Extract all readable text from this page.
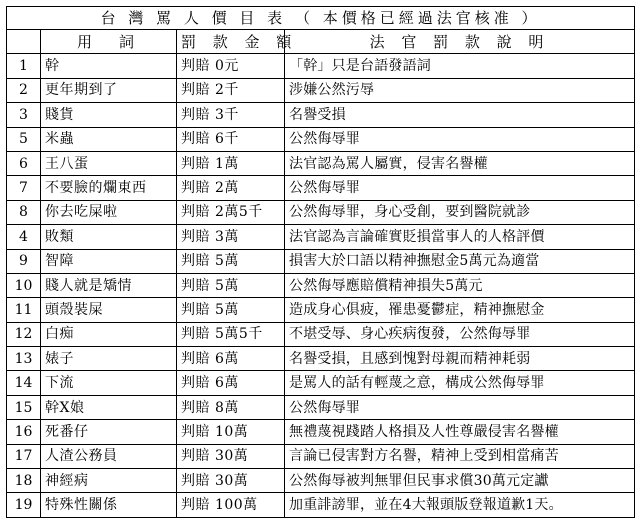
台 灣 罵 人 價 目 表 （ 本價格已經過法官核准 ）			
	用　詞	罰 款 金 額	法 官 罰 款 說 明
1	幹	判賠 0元	「幹」只是台語發語詞
2	更年期到了	判賠 2千	涉嫌公然污辱
3	賤貨	判賠 3千	名譽受損
5	米蟲	判賠 6千	公然侮辱罪
6	王八蛋	判賠 1萬	法官認為罵人屬實，侵害名譽權
7	不要臉的爛東西	判賠 2萬	公然侮辱罪
8	你去吃屎啦	判賠 2萬5千	公然侮辱罪，身心受創，要到醫院就診
4	敗類	判賠 3萬	法官認為言論確實貶損當事人的人格評價
9	智障	判賠 5萬	損害大於口語以精神撫慰金5萬元為適當
10	賤人就是矯情	判賠 5萬	公然侮辱應賠償精神損失5萬元
11	頭殼裝屎	判賠 5萬	造成身心俱疲，罹患憂鬱症，精神撫慰金
12	白痴	判賠 5萬5千	不堪受辱、身心疾病復發，公然侮辱罪
13	婊子	判賠 6萬	名譽受損，且感到愧對母親而精神耗弱
14	下流	判賠 6萬	是罵人的話有輕蔑之意，構成公然侮辱罪
15	幹X娘	判賠 8萬	公然侮辱罪
16	死番仔	判賠 10萬	無禮蔑視踐踏人格損及人性尊嚴侵害名譽權
17	人渣公務員	判賠 30萬	言論已侵害對方名譽，精神上受到相當痛苦
18	神經病	判賠 30萬	公然侮辱被判無罪但民事求償30萬元定讞
19	特殊性關係	判賠 100萬	加重誹謗罪，並在4大報頭版登報道歉1天。
